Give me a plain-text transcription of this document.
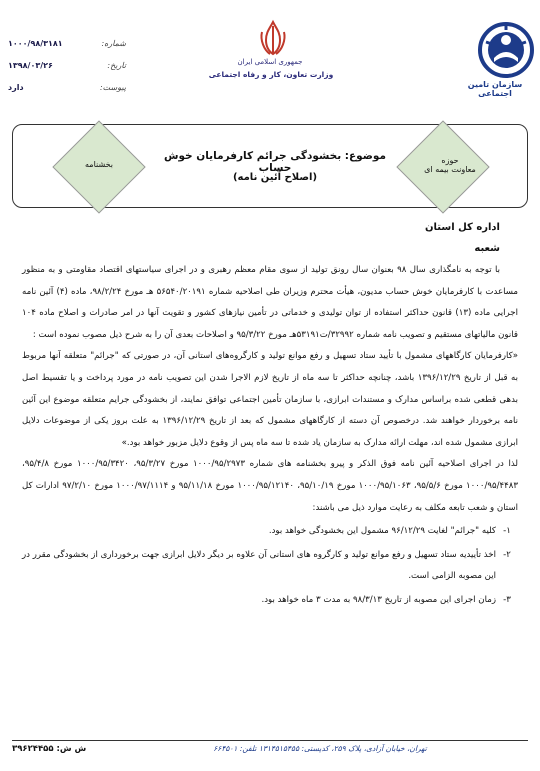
سازمان تامین اجتماعی
جمهوری اسلامی ایران
وزارت تعاون، کار و رفاه اجتماعی
شماره:
۱۰۰۰/۹۸/۳۱۸۱
تاریخ:
۱۳۹۸/۰۳/۲۶
پیوست:
دارد
حوزه
معاونت بیمه ای
بخشنامه
موضوع: بخشودگی جرائم کارفرمایان خوش حساب
(اصلاح آئین نامه)
اداره کل استان
شعبه

با توجه به نامگذاری سال ۹۸ بعنوان سال رونق تولید از سوی مقام معظم رهبری و در اجرای سیاستهای اقتصاد مقاومتی و به منظور مساعدت با کارفرمایان خوش حساب مدیون، هیأت محترم وزیران طی اصلاحیه شماره ۵۶۵۴۰/۲۰۱۹۱ هـ مورخ ۹۸/۲/۲۴، ماده (۴) آئین نامه اجرایی ماده (۱۳) قانون حداکثر استفاده از توان تولیدی و خدماتی در تأمین نیازهای کشور و تقویت آنها در امر صادرات و اصلاح ماده ۱۰۴ قانون مالیاتهای مستقیم و تصویب نامه شماره ۳۲۹۹۲/ت۵۳۱۹۱هـ مورخ ۹۵/۳/۲۲ و اصلاحات بعدی آن را به شرح ذیل مصوب نموده است :

«کارفرمایان کارگاههای مشمول با تأیید ستاد تسهیل و رفع موانع تولید و کارگروه‌های استانی آن، در صورتی که "جرائم" متعلقه آنها مربوط به قبل از تاریخ ۱۳۹۶/۱۲/۲۹ باشد، چنانچه حداکثر تا سه ماه از تاریخ لازم الاجرا شدن این تصویب نامه در مورد پرداخت و یا تقسیط اصل بدهی قطعی شده براساس مدارک و مستندات ابرازی، با سازمان تأمین اجتماعی توافق نمایند، از بخشودگی جرایم متعلقه موضوع این آئین نامه برخوردار خواهند شد. درخصوص آن دسته از کارگاههای مشمول که بعد از تاریخ ۱۳۹۶/۱۲/۲۹ به علت بروز یکی از موضوعات دلایل ابرازی مشمول شده اند، مهلت ارائه مدارک به سازمان یاد شده تا سه ماه پس از وقوع دلایل مزبور خواهد بود.»

لذا در اجرای اصلاحیه آئین نامه فوق الذکر و پیرو بخشنامه های شماره ۱۰۰۰/۹۵/۲۹۷۳ مورخ ۹۵/۳/۲۷، ۱۰۰۰/۹۵/۳۴۲۰ مورخ ۹۵/۴/۸، ۱۰۰۰/۹۵/۴۴۸۳ مورخ ۹۵/۵/۶، ۱۰۰۰/۹۵/۱۰۶۳ مورخ ۹۵/۱۰/۱۹، ۱۰۰۰/۹۵/۱۲۱۴۰ مورخ ۹۵/۱۱/۱۸ و ۱۰۰۰/۹۷/۱۱۱۴ مورخ ۹۷/۲/۱۰ ادارات کل استان و شعب تابعه مکلف به رعایت موارد ذیل می باشند:

۱-
کلیه "جرائم" لغایت ۹۶/۱۲/۲۹ مشمول این بخشودگی خواهد بود.
۲-
اخذ تأییدیه ستاد تسهیل و رفع موانع تولید و کارگروه های استانی آن علاوه بر دیگر دلایل ابرازی جهت برخورداری از بخشودگی مقرر در این مصوبه الزامی است.
۳-
زمان اجرای این مصوبه از تاریخ ۹۸/۳/۱۳ به مدت ۳ ماه خواهد بود.
تهران، خیابان آزادی، پلاک ۲۵۹، کدپستی: ۱۳۱۴۵۱۵۴۵۵ تلفن: ۶۶۴۵۰۱
ش ش: ۳۹۶۲۴۴۵۵
